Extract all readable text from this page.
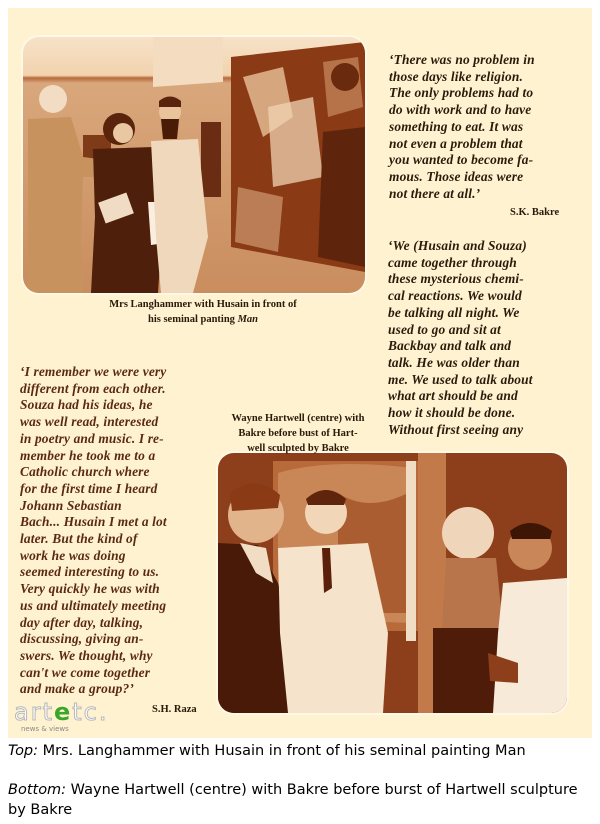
Mrs Langhammer with Husain in front of
his seminal panting Man
Wayne Hartwell (centre) with
Bakre before bust of Hart-
well sculpted by Bakre
‘There was no problem in
those days like religion.
The only problems had to
do with work and to have
something to eat. It was
not even a problem that
you wanted to become fa-
mous. Those ideas were
not there at all.’
S.K. Bakre
‘We (Husain and Souza)
came together through
these mysterious chemi-
cal reactions. We would
be talking all night. We
used to go and sit at
Backbay and talk and
talk. He was older than
me. We used to talk about
what art should be and
how it should be done.
Without first seeing any
‘I remember we were very
different from each other.
Souza had his ideas, he
was well read, interested
in poetry and music. I re-
member he took me to a
Catholic church where
for the first time I heard
Johann Sebastian
Bach... Husain I met a lot
later. But the kind of
work he was doing
seemed interesting to us.
Very quickly he was with
us and ultimately meeting
day after day, talking,
discussing, giving an-
swers. We thought, why
can't we come together
and make a group?’
S.H. Raza
artetc.
news & views
Top: Mrs. Langhammer with Husain in front of his seminal painting Man
Bottom: Wayne Hartwell (centre) with Bakre before burst of Hartwell sculpture by Bakre
